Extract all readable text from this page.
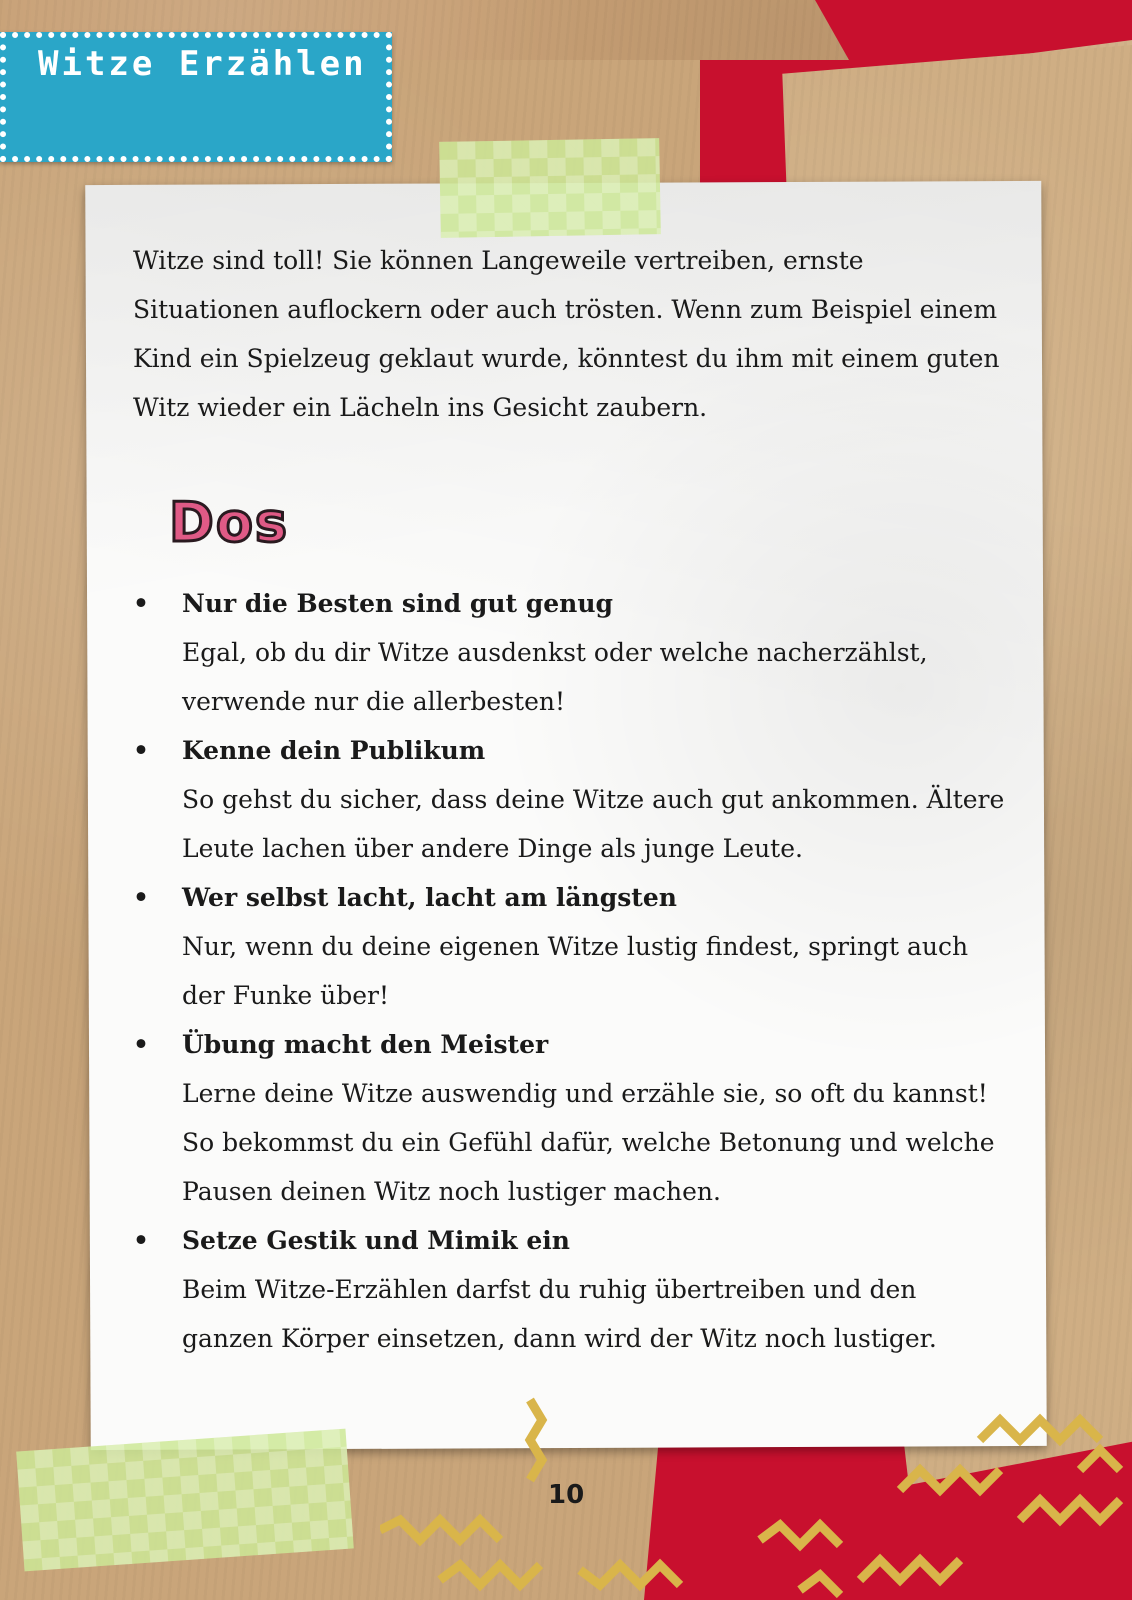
Witze Erzählen

Witze sind toll! Sie können Langeweile vertreiben, ernste Situationen auflockern oder auch trösten. Wenn zum Beispiel einem Kind ein Spielzeug geklaut wurde, könntest du ihm mit einem guten Witz wieder ein Lächeln ins Gesicht zaubern.

Dos
• Nur die Besten sind gut genug
Egal, ob du dir Witze ausdenkst oder welche nacherzählst, verwende nur die allerbesten!
• Kenne dein Publikum
So gehst du sicher, dass deine Witze auch gut ankommen. Ältere Leute lachen über andere Dinge als junge Leute.
• Wer selbst lacht, lacht am längsten
Nur, wenn du deine eigenen Witze lustig findest, springt auch der Funke über!
• Übung macht den Meister
Lerne deine Witze auswendig und erzähle sie, so oft du kannst! So bekommst du ein Gefühl dafür, welche Betonung und welche Pausen deinen Witz noch lustiger machen.
• Setze Gestik und Mimik ein
Beim Witze-Erzählen darfst du ruhig übertreiben und den ganzen Körper einsetzen, dann wird der Witz noch lustiger.
10
